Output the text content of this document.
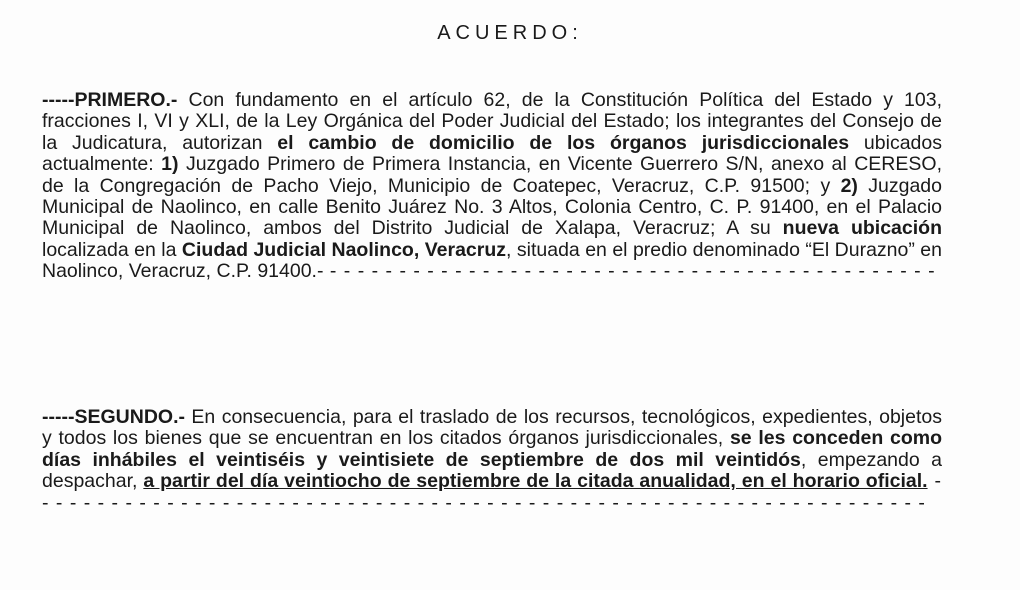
ACUERDO:
-----PRIMERO.- Con fundamento en el artículo 62, de la Constitución Política del Estado y 103, fracciones I, VI y XLI, de la Ley Orgánica del Poder Judicial del Estado; los integrantes del Consejo de la Judicatura, autorizan el cambio de domicilio de los órganos jurisdiccionales ubicados actualmente: 1) Juzgado Primero de Primera Instancia, en Vicente Guerrero S/N, anexo al CERESO, de la Congregación de Pacho Viejo, Municipio de Coatepec, Veracruz, C.P. 91500; y 2) Juzgado Municipal de Naolinco, en calle Benito Juárez No. 3 Altos, Colonia Centro, C. P. 91400, en el Palacio Municipal de Naolinco, ambos del Distrito Judicial de Xalapa, Veracruz; A su nueva ubicación localizada en la Ciudad Judicial Naolinco, Veracruz, situada en el predio denominado “El Durazno” en Naolinco, Veracruz, C.P. 91400.- - - - - - - - - - - - - - - - - - - - - - - - - - - - - - - - - - - - - - - - - - - - -
-----SEGUNDO.- En consecuencia, para el traslado de los recursos, tecnológicos, expedientes, objetos y todos los bienes que se encuentran en los citados órganos jurisdiccionales, se les conceden como días inhábiles el veintiséis y veintisiete de septiembre de dos mil veintidós, empezando a despachar, a partir del día veintiocho de septiembre de la citada anualidad, en el horario oficial. - - - - - - - - - - - - - - - - - - - - - - - - - - - - - - - - - - - - - - - - - - - - - - - - - - - - - - - - - - - - - - - - -
